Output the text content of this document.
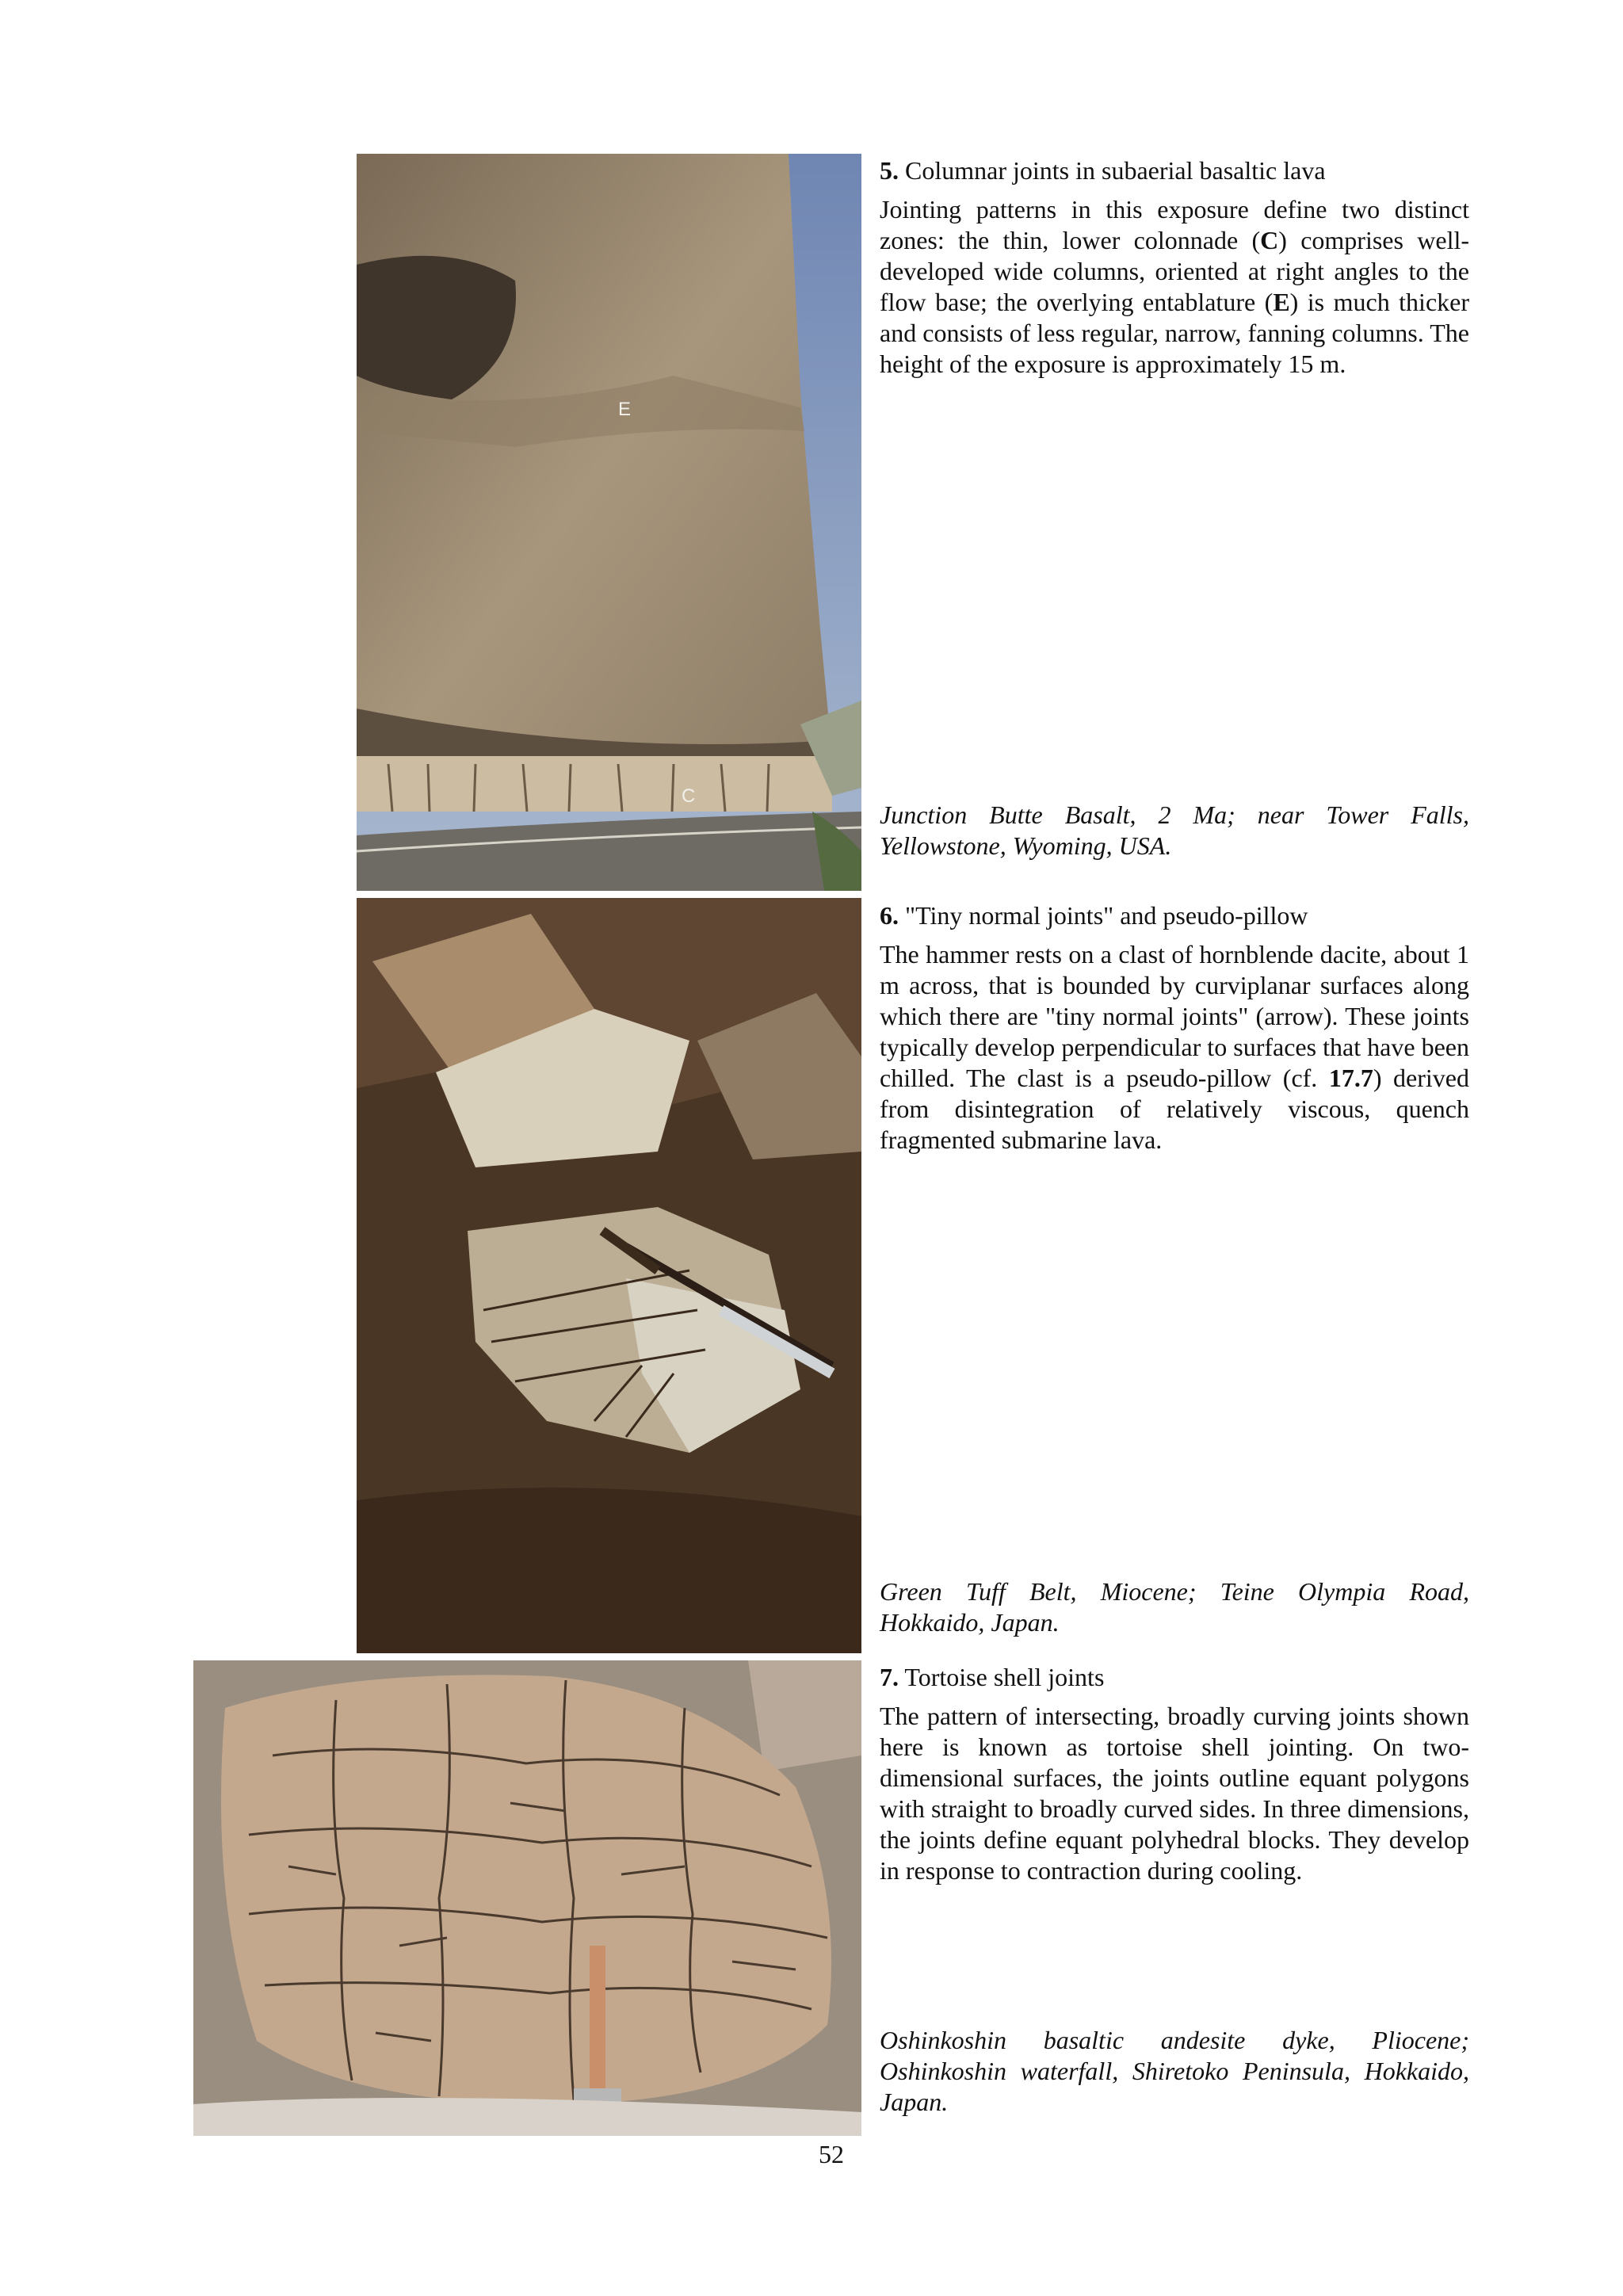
E
C

5. Columnar joints in subaerial basaltic lava

Jointing patterns in this exposure define two distinct zones: the thin, lower colonnade (C) comprises well-developed wide columns, oriented at right angles to the flow base; the overlying entablature (E) is much thicker and consists of less regular, narrow, fanning columns. The height of the exposure is approximately 15 m.

Junction Butte Basalt, 2 Ma; near Tower Falls, Yellowstone, Wyoming, USA.

6. "Tiny normal joints" and pseudo-pillow

The hammer rests on a clast of hornblende dacite, about 1 m across, that is bounded by curviplanar surfaces along which there are "tiny normal joints" (arrow). These joints typically develop perpendicular to surfaces that have been chilled. The clast is a pseudo-pillow (cf. 17.7) derived from disintegration of relatively viscous, quench fragmented submarine lava.

Green Tuff Belt, Miocene; Teine Olympia Road, Hokkaido, Japan.

7. Tortoise shell joints

The pattern of intersecting, broadly curving joints shown here is known as tortoise shell jointing. On two-dimensional surfaces, the joints outline equant polygons with straight to broadly curved sides. In three dimensions, the joints define equant polyhedral blocks. They develop in response to contraction during cooling.

Oshinkoshin basaltic andesite dyke, Pliocene; Oshinkoshin waterfall, Shiretoko Peninsula, Hokkaido, Japan.

52
